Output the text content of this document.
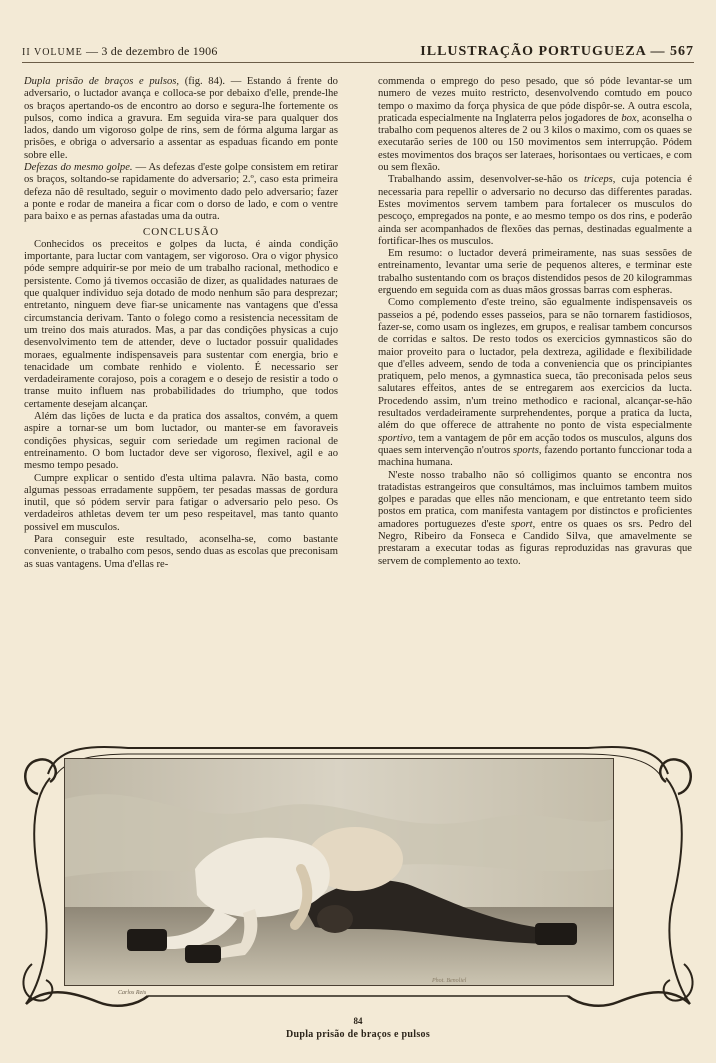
II VOLUME — 3 de dezembro de 1906	ILLUSTRAÇÃO PORTUGUEZA — 567

Dupla prisão de braços e pulsos, (fig. 84). — Estando á frente do adversario, o luctador avança e colloca-se por debaixo d'elle, prende-lhe os braços apertando-os de encontro ao dorso e segura-lhe fortemente os pulsos, como indica a gravura. Em seguida vira-se para qualquer dos lados, dando um vigoroso golpe de rins, sem de fórma alguma largar as prisões, e obriga o adversario a assentar as espaduas ficando em ponte sobre elle.

Defezas do mesmo golpe. — As defezas d'este golpe consistem em retirar os braços, soltando-se rapidamente do adversario; 2.º, caso esta primeira defeza não dê resultado, seguir o movimento dado pelo adversario; fazer a ponte e rodar de maneira a ficar com o dorso de lado, e com o ventre para baixo e as pernas afastadas uma da outra.

CONCLUSÃO

Conhecidos os preceitos e golpes da lucta, é ainda condição importante, para luctar com vantagem, ser vigoroso. Ora o vigor physico póde sempre adquirir-se por meio de um trabalho racional, methodico e persistente. Como já tivemos occasião de dizer, as qualidades naturaes de que qualquer individuo seja dotado de modo nenhum são para desprezar; entretanto, ninguem deve fiar-se unicamente nas vantagens que d'essa circumstancia derivam. Tanto o folego como a resistencia necessitam de um treino dos mais aturados. Mas, a par das condições physicas a cujo desenvolvimento tem de attender, deve o luctador possuir qualidades moraes, egualmente indispensaveis para sustentar com energia, brio e tenacidade um combate renhido e violento. É necessario ser verdadeiramente corajoso, pois a coragem e o desejo de resistir a todo o transe muito influem nas probabilidades do triumpho, que todos certamente desejam alcançar.

Além das lições de lucta e da pratica dos assaltos, convém, a quem aspire a tornar-se um bom luctador, ou manter-se em favoraveis condições physicas, seguir com seriedade um regimen racional de entreinamento. O bom luctador deve ser vigoroso, flexivel, agil e ao mesmo tempo pesado.

Cumpre explicar o sentido d'esta ultima palavra. Não basta, como algumas pessoas erradamente suppõem, ter pesadas massas de gordura inutil, que só pódem servir para fatigar o adversario pelo peso. Os verdadeiros athletas devem ter um peso respeitavel, mas tanto quanto possivel em musculos.

Para conseguir este resultado, aconselha-se, como bastante conveniente, o trabalho com pesos, sendo duas as escolas que preconisam as suas vantagens. Uma d'ellas re-

commenda o emprego do peso pesado, que só póde levantar-se um numero de vezes muito restricto, desenvolvendo comtudo em pouco tempo o maximo da força physica de que póde dispôr-se. A outra escola, praticada especialmente na Inglaterra pelos jogadores de box, aconselha o trabalho com pequenos alteres de 2 ou 3 kilos o maximo, com os quaes se executarão series de 100 ou 150 movimentos sem interrupção. Pódem estes movimentos dos braços ser lateraes, horisontaes ou verticaes, e com ou sem flexão.

Trabalhando assim, desenvolver-se-hão os triceps, cuja potencia é necessaria para repellir o adversario no decurso das differentes paradas. Estes movimentos servem tambem para fortalecer os musculos do pescoço, empregados na ponte, e ao mesmo tempo os dos rins, e poderão ainda ser acompanhados de flexões das pernas, destinadas egualmente a fortificar-lhes os musculos.

Em resumo: o luctador deverá primeiramente, nas suas sessões de entreinamento, levantar uma serie de pequenos alteres, e terminar este trabalho sustentando com os braços distendidos pesos de 20 kilogrammas erguendo em seguida com as duas mãos grossas barras com espheras.

Como complemento d'este treino, são egualmente indispensaveis os passeios a pé, podendo esses passeios, para se não tornarem fastidiosos, fazer-se, como usam os inglezes, em grupos, e realisar tambem concursos de corridas e saltos. De resto todos os exercicios gymnasticos são do maior proveito para o luctador, pela dextreza, agilidade e flexibilidade que d'elles adveem, sendo de toda a conveniencia que os principiantes pratiquem, pelo menos, a gymnastica sueca, tão preconisada pelos seus salutares effeitos, antes de se entregarem aos exercicios da lucta. Procedendo assim, n'um treino methodico e racional, alcançar-se-hão resultados verdadeiramente surprehendentes, porque a pratica da lucta, além do que offerece de attrahente no ponto de vista especialmente sportivo, tem a vantagem de pôr em acção todos os musculos, alguns dos quaes sem intervenção n'outros sports, fazendo portanto funccionar toda a machina humana.

N'este nosso trabalho não só colligimos quanto se encontra nos tratadistas estrangeiros que consultámos, mas incluimos tambem muitos golpes e paradas que elles não mencionam, e que entretanto teem sido postos em pratica, com manifesta vantagem por distinctos e proficientes amadores portuguezes d'este sport, entre os quaes os srs. Pedro del Negro, Ribeiro da Fonseca e Candido Silva, que amavelmente se prestaram a executar todas as figuras reproduzidas nas gravuras que servem de complemento ao texto.

Carlos Reis
Phot. Benoliel
84
Dupla prisão de braços e pulsos
